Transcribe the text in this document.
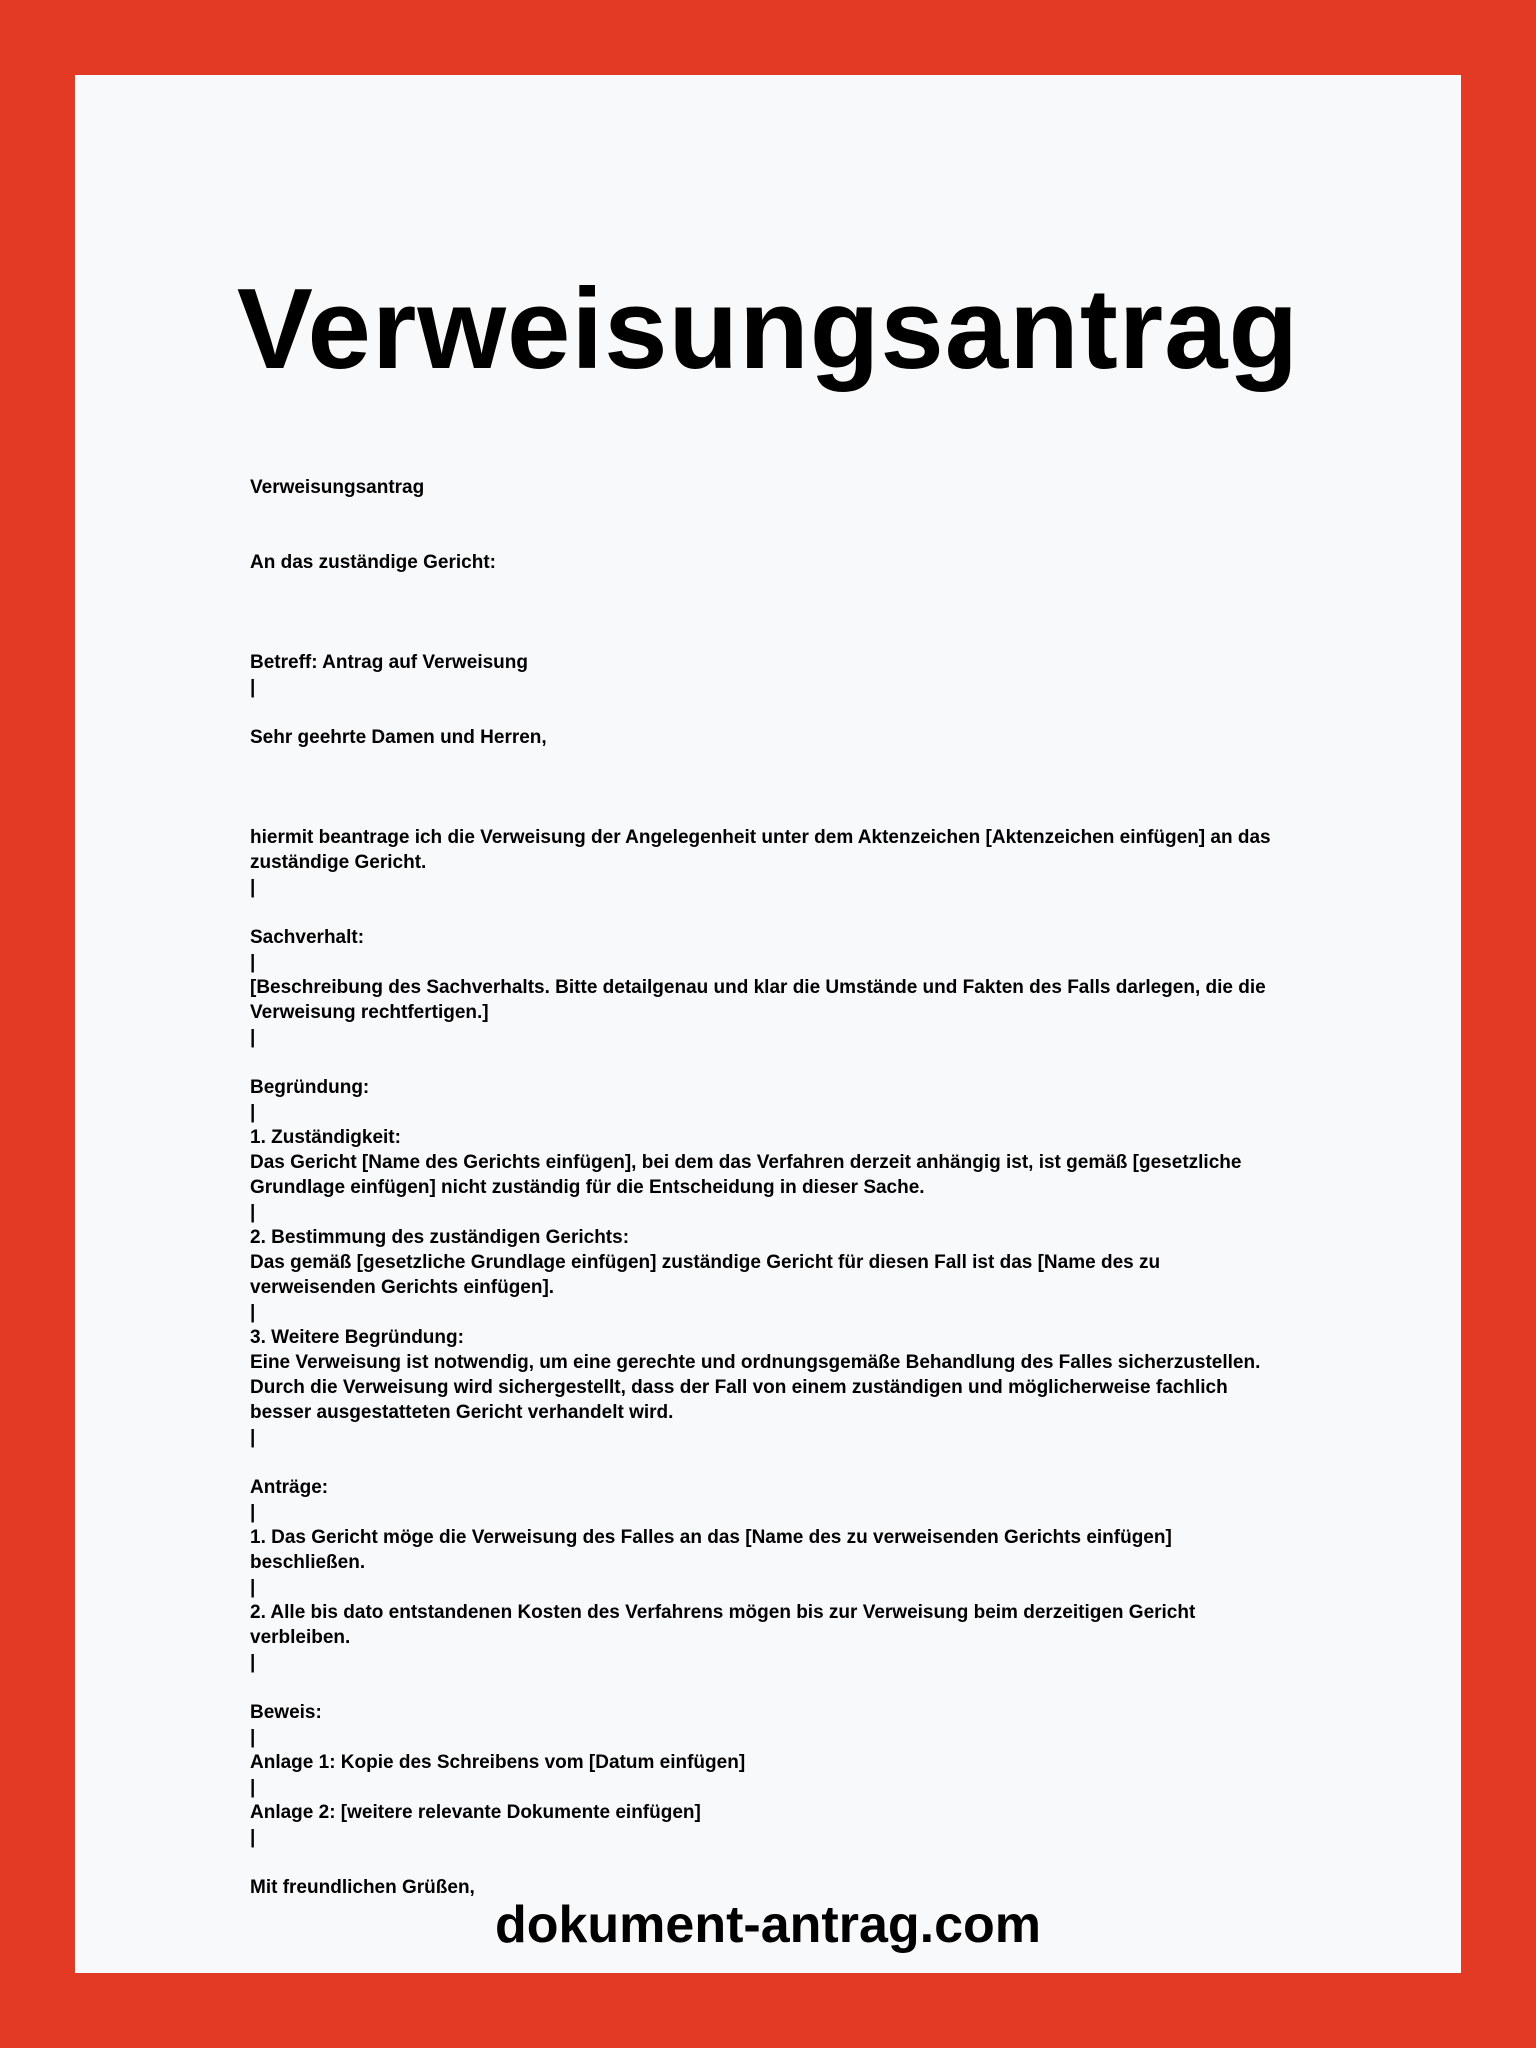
Verweisungsantrag
Verweisungsantrag
An das zuständige Gericht:
Betreff: Antrag auf Verweisung
|
Sehr geehrte Damen und Herren,
hiermit beantrage ich die Verweisung der Angelegenheit unter dem Aktenzeichen [Aktenzeichen einfügen] an das zuständige Gericht.
|
Sachverhalt:
|
[Beschreibung des Sachverhalts. Bitte detailgenau und klar die Umstände und Fakten des Falls darlegen, die die Verweisung rechtfertigen.]
|
Begründung:
|
1. Zuständigkeit:
Das Gericht [Name des Gerichts einfügen], bei dem das Verfahren derzeit anhängig ist, ist gemäß [gesetzliche Grundlage einfügen] nicht zuständig für die Entscheidung in dieser Sache.
|
2. Bestimmung des zuständigen Gerichts:
Das gemäß [gesetzliche Grundlage einfügen] zuständige Gericht für diesen Fall ist das [Name des zu verweisenden Gerichts einfügen].
|
3. Weitere Begründung:
Eine Verweisung ist notwendig, um eine gerechte und ordnungsgemäße Behandlung des Falles sicherzustellen. Durch die Verweisung wird sichergestellt, dass der Fall von einem zuständigen und möglicherweise fachlich besser ausgestatteten Gericht verhandelt wird.
|
Anträge:
|
1. Das Gericht möge die Verweisung des Falles an das [Name des zu verweisenden Gerichts einfügen] beschließen.
|
2. Alle bis dato entstandenen Kosten des Verfahrens mögen bis zur Verweisung beim derzeitigen Gericht verbleiben.
|
Beweis:
|
Anlage 1: Kopie des Schreibens vom [Datum einfügen]
|
Anlage 2: [weitere relevante Dokumente einfügen]
|
Mit freundlichen Grüßen,
dokument-antrag.com
